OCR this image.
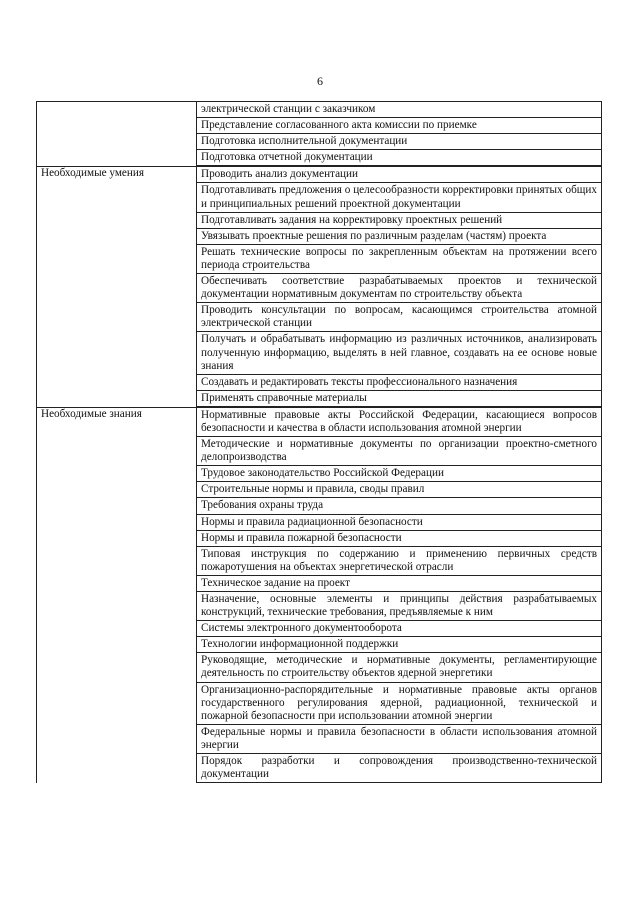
6
электрической станции с заказчиком
Представление согласованного акта комиссии по приемке
Подготовка исполнительной документации
Подготовка отчетной документации
Необходимые умения	Проводить анализ документации
Подготавливать предложения о целесообразности корректировки принятых общих и принципиальных решений проектной документации
Подготавливать задания на корректировку проектных решений
Увязывать проектные решения по различным разделам (частям) проекта
Решать технические вопросы по закрепленным объектам на протяжении всего периода строительства
Обеспечивать соответствие разрабатываемых проектов и технической документации нормативным документам по строительству объекта
Проводить консультации по вопросам, касающимся строительства атомной электрической станции
Получать и обрабатывать информацию из различных источников, анализировать полученную информацию, выделять в ней главное, создавать на ее основе новые знания
Создавать и редактировать тексты профессионального назначения
Применять справочные материалы
Необходимые знания	Нормативные правовые акты Российской Федерации, касающиеся вопросов безопасности и качества в области использования атомной энергии
Методические и нормативные документы по организации проектно-сметного делопроизводства
Трудовое законодательство Российской Федерации
Строительные нормы и правила, своды правил
Требования охраны труда
Нормы и правила радиационной безопасности
Нормы и правила пожарной безопасности
Типовая инструкция по содержанию и применению первичных средств пожаротушения на объектах энергетической отрасли
Техническое задание на проект
Назначение, основные элементы и принципы действия разрабатываемых конструкций, технические требования, предъявляемые к ним
Системы электронного документооборота
Технологии информационной поддержки
Руководящие, методические и нормативные документы, регламентирующие деятельность по строительству объектов ядерной энергетики
Организационно-распорядительные и нормативные правовые акты органов государственного регулирования ядерной, радиационной, технической и пожарной безопасности при использовании атомной энергии
Федеральные нормы и правила безопасности в области использования атомной энергии
Порядок разработки и сопровождения производственно-технической документации
